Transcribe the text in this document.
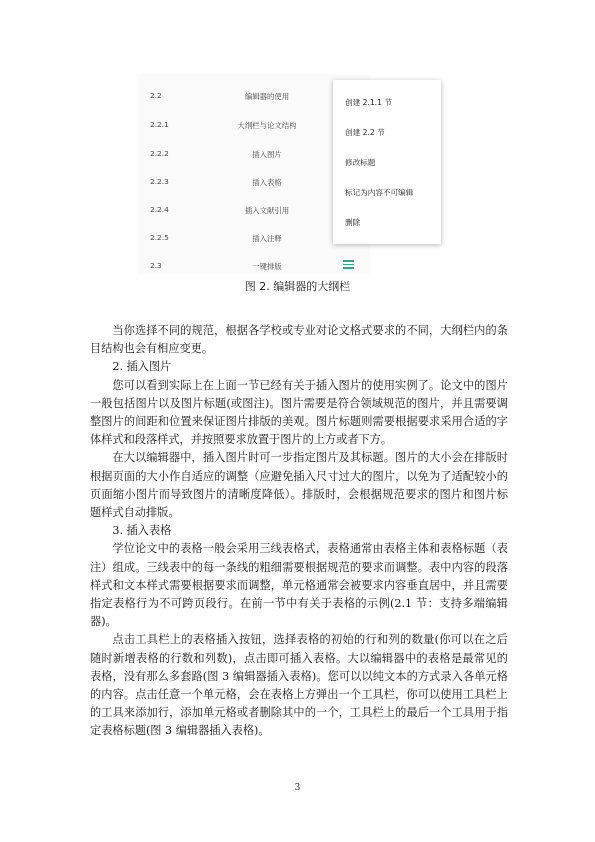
2.2	编辑器的使用
2.2.1	大纲栏与论文结构
2.2.2	插入图片
2.2.3	插入表格
2.2.4	插入文献引用
2.2.5	插入注释
2.3	一键排版
创建 2.1.1 节
创建 2.2 节
修改标题
标记为内容不可编辑
删除
图 2. 编辑器的大纲栏

当你选择不同的规范，根据各学校或专业对论文格式要求的不同，大纲栏内的条目结构也会有相应变更。

2. 插入图片

您可以看到实际上在上面一节已经有关于插入图片的使用实例了。论文中的图片一般包括图片以及图片标题(或图注)。图片需要是符合领域规范的图片，并且需要调整图片的间距和位置来保证图片排版的美观。图片标题则需要根据要求采用合适的字体样式和段落样式，并按照要求放置于图片的上方或者下方。

在大以编辑器中，插入图片时可一步指定图片及其标题。图片的大小会在排版时根据页面的大小作自适应的调整（应避免插入尺寸过大的图片，以免为了适配较小的页面缩小图片而导致图片的清晰度降低）。排版时，会根据规范要求的图片和图片标题样式自动排版。

3. 插入表格

学位论文中的表格一般会采用三线表格式，表格通常由表格主体和表格标题（表注）组成。三线表中的每一条线的粗细需要根据规范的要求而调整。表中内容的段落样式和文本样式需要根据要求而调整，单元格通常会被要求内容垂直居中，并且需要指定表格行为不可跨页段行。在前一节中有关于表格的示例(2.1 节：支持多端编辑器)。

点击工具栏上的表格插入按钮，选择表格的初始的行和列的数量(你可以在之后随时新增表格的行数和列数)，点击即可插入表格。大以编辑器中的表格是最常见的表格，没有那么多套路(图 3 编辑器插入表格)。您可以以纯文本的方式录入各单元格的内容。点击任意一个单元格，会在表格上方弹出一个工具栏，你可以使用工具栏上的工具来添加行，添加单元格或者删除其中的一个，工具栏上的最后一个工具用于指定表格标题(图 3 编辑器插入表格)。

3
